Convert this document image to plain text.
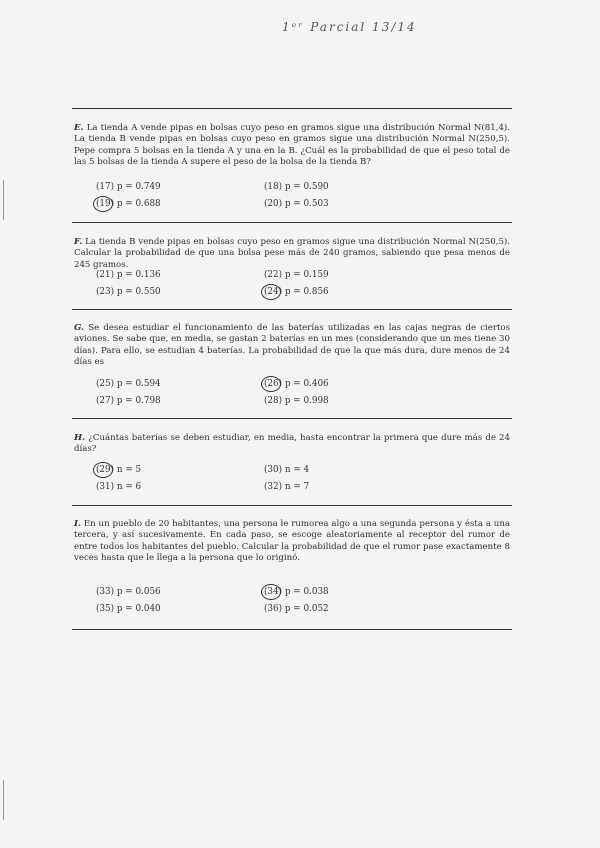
1ᵉʳ Parcial 13/14
E. La tienda A vende pipas en bolsas cuyo peso en gramos sigue una distribución Normal N(81,4). La tienda B vende pipas en bolsas cuyo peso en gramos sigue una distribución Normal N(250,5). Pepe compra 5 bolsas en la tienda A y una en la B. ¿Cuál es la probabilidad de que el peso total de las 5 bolsas de la tienda A supere el peso de la bolsa de la tienda B?
(17) p = 0.749	(18) p = 0.590
(19) p = 0.688	(20) p = 0.503
F. La tienda B vende pipas en bolsas cuyo peso en gramos sigue una distribución Normal N(250,5). Calcular la probabilidad de que una bolsa pese más de 240 gramos, sabiendo que pesa menos de 245 gramos.
(21) p = 0.136	(22) p = 0.159
(23) p = 0.550	(24) p = 0.856
G. Se desea estudiar el funcionamiento de las baterías utilizadas en las cajas negras de ciertos aviones. Se sabe que, en media, se gastan 2 baterías en un mes (considerando que un mes tiene 30 días). Para ello, se estudian 4 baterías. La probabilidad de que la que más dura, dure menos de 24 días es
(25) p = 0.594	(26) p = 0.406
(27) p = 0.798	(28) p = 0.998
H. ¿Cuántas baterías se deben estudiar, en media, hasta encontrar la primera que dure más de 24 días?
(29) n = 5	(30) n = 4
(31) n = 6	(32) n = 7
I. En un pueblo de 20 habitantes, una persona le rumorea algo a una segunda persona y ésta a una tercera, y así sucesivamente. En cada paso, se escoge aleatoriamente al receptor del rumor de entre todos los habitantes del pueblo. Calcular la probabilidad de que el rumor pase exactamente 8 veces hasta que le llega a la persona que lo originó.
(33) p = 0.056	(34) p = 0.038
(35) p = 0.040	(36) p = 0.052
